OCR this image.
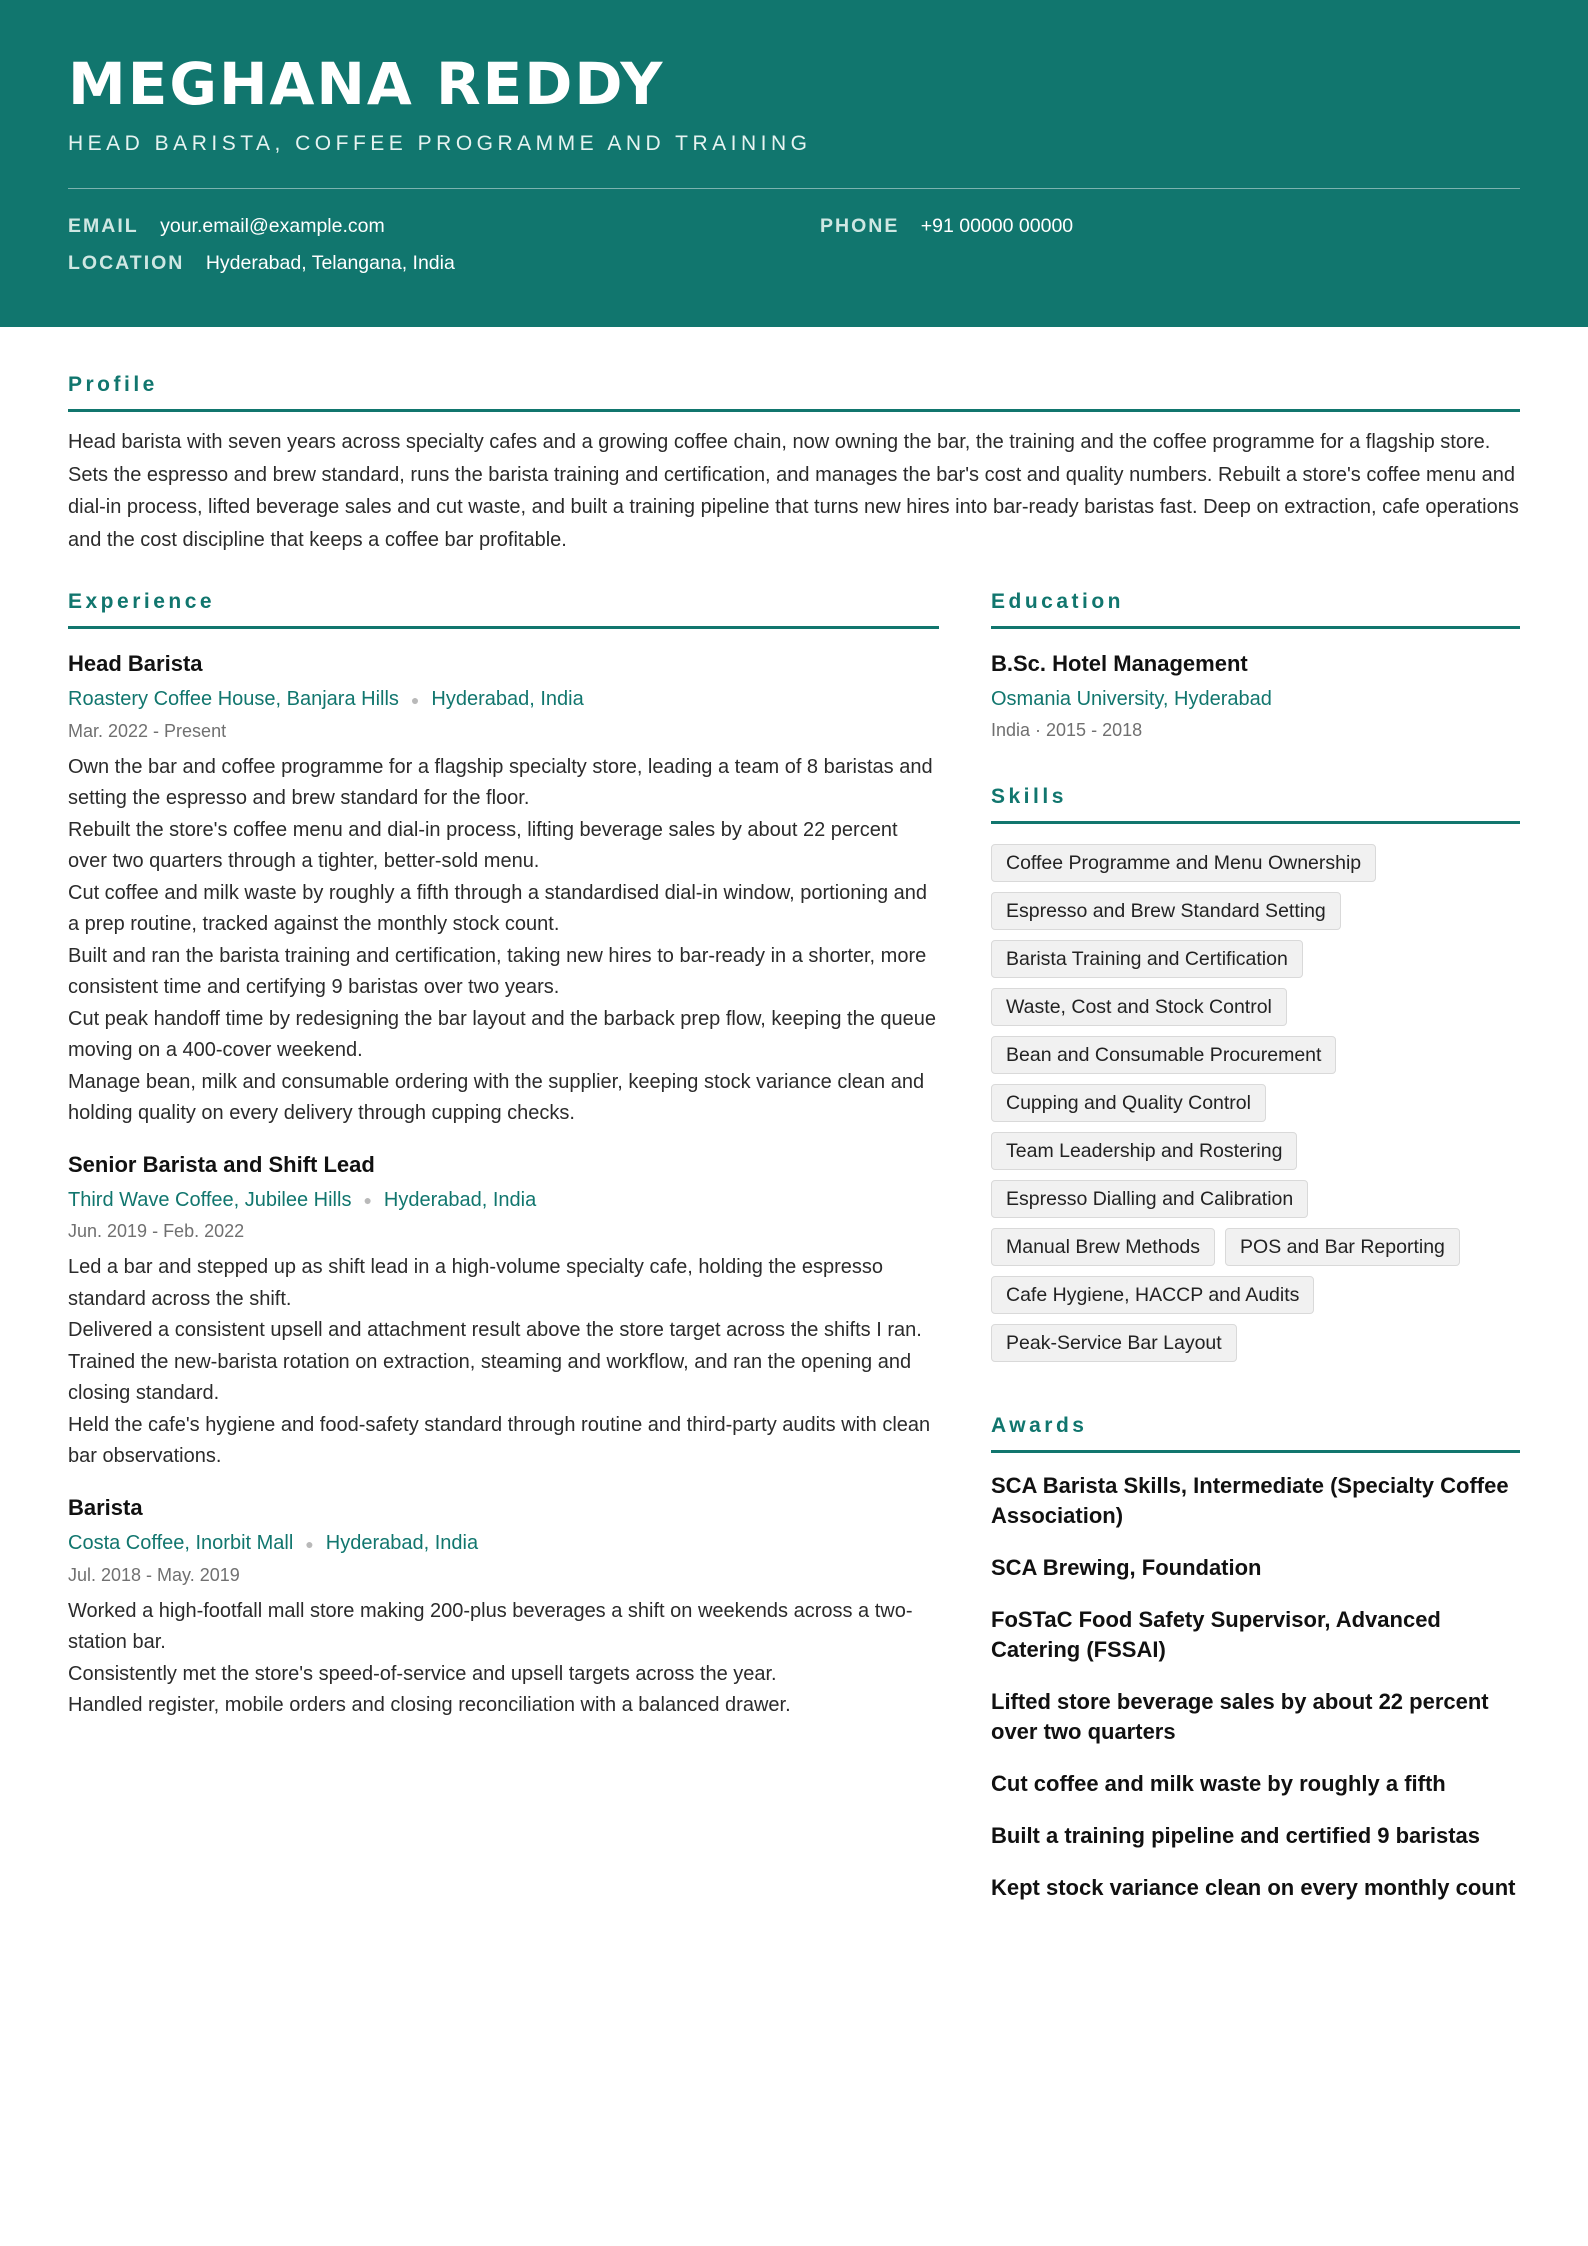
MEGHANA REDDY
HEAD BARISTA, COFFEE PROGRAMME AND TRAINING
EMAIL your.email@example.com	PHONE +91 00000 00000
LOCATION Hyderabad, Telangana, India
Profile
Head barista with seven years across specialty cafes and a growing coffee chain, now owning the bar, the training and the coffee programme for a flagship store. Sets the espresso and brew standard, runs the barista training and certification, and manages the bar's cost and quality numbers. Rebuilt a store's coffee menu and dial-in process, lifted beverage sales and cut waste, and built a training pipeline that turns new hires into bar-ready baristas fast. Deep on extraction, cafe operations and the cost discipline that keeps a coffee bar profitable.
Experience
Head Barista
Roastery Coffee House, Banjara Hills ● Hyderabad, India
Mar. 2022 - Present

Own the bar and coffee programme for a flagship specialty store, leading a team of 8 baristas and setting the espresso and brew standard for the floor.

Rebuilt the store's coffee menu and dial-in process, lifting beverage sales by about 22 percent over two quarters through a tighter, better-sold menu.

Cut coffee and milk waste by roughly a fifth through a standardised dial-in window, portioning and a prep routine, tracked against the monthly stock count.

Built and ran the barista training and certification, taking new hires to bar-ready in a shorter, more consistent time and certifying 9 baristas over two years.

Cut peak handoff time by redesigning the bar layout and the barback prep flow, keeping the queue moving on a 400-cover weekend.

Manage bean, milk and consumable ordering with the supplier, keeping stock variance clean and holding quality on every delivery through cupping checks.

Senior Barista and Shift Lead
Third Wave Coffee, Jubilee Hills ● Hyderabad, India
Jun. 2019 - Feb. 2022

Led a bar and stepped up as shift lead in a high-volume specialty cafe, holding the espresso standard across the shift.

Delivered a consistent upsell and attachment result above the store target across the shifts I ran.

Trained the new-barista rotation on extraction, steaming and workflow, and ran the opening and closing standard.

Held the cafe's hygiene and food-safety standard through routine and third-party audits with clean bar observations.

Barista
Costa Coffee, Inorbit Mall ● Hyderabad, India
Jul. 2018 - May. 2019

Worked a high-footfall mall store making 200-plus beverages a shift on weekends across a two-station bar.

Consistently met the store's speed-of-service and upsell targets across the year.

Handled register, mobile orders and closing reconciliation with a balanced drawer.

Education
B.Sc. Hotel Management
Osmania University, Hyderabad
India · 2015 - 2018
Skills
Coffee Programme and Menu Ownership
Espresso and Brew Standard Setting
Barista Training and Certification
Waste, Cost and Stock Control
Bean and Consumable Procurement
Cupping and Quality Control
Team Leadership and Rostering
Espresso Dialling and Calibration
Manual Brew Methods	POS and Bar Reporting
Cafe Hygiene, HACCP and Audits
Peak-Service Bar Layout
Awards
SCA Barista Skills, Intermediate (Specialty Coffee Association)
SCA Brewing, Foundation
FoSTaC Food Safety Supervisor, Advanced Catering (FSSAI)
Lifted store beverage sales by about 22 percent over two quarters
Cut coffee and milk waste by roughly a fifth
Built a training pipeline and certified 9 baristas
Kept stock variance clean on every monthly count
